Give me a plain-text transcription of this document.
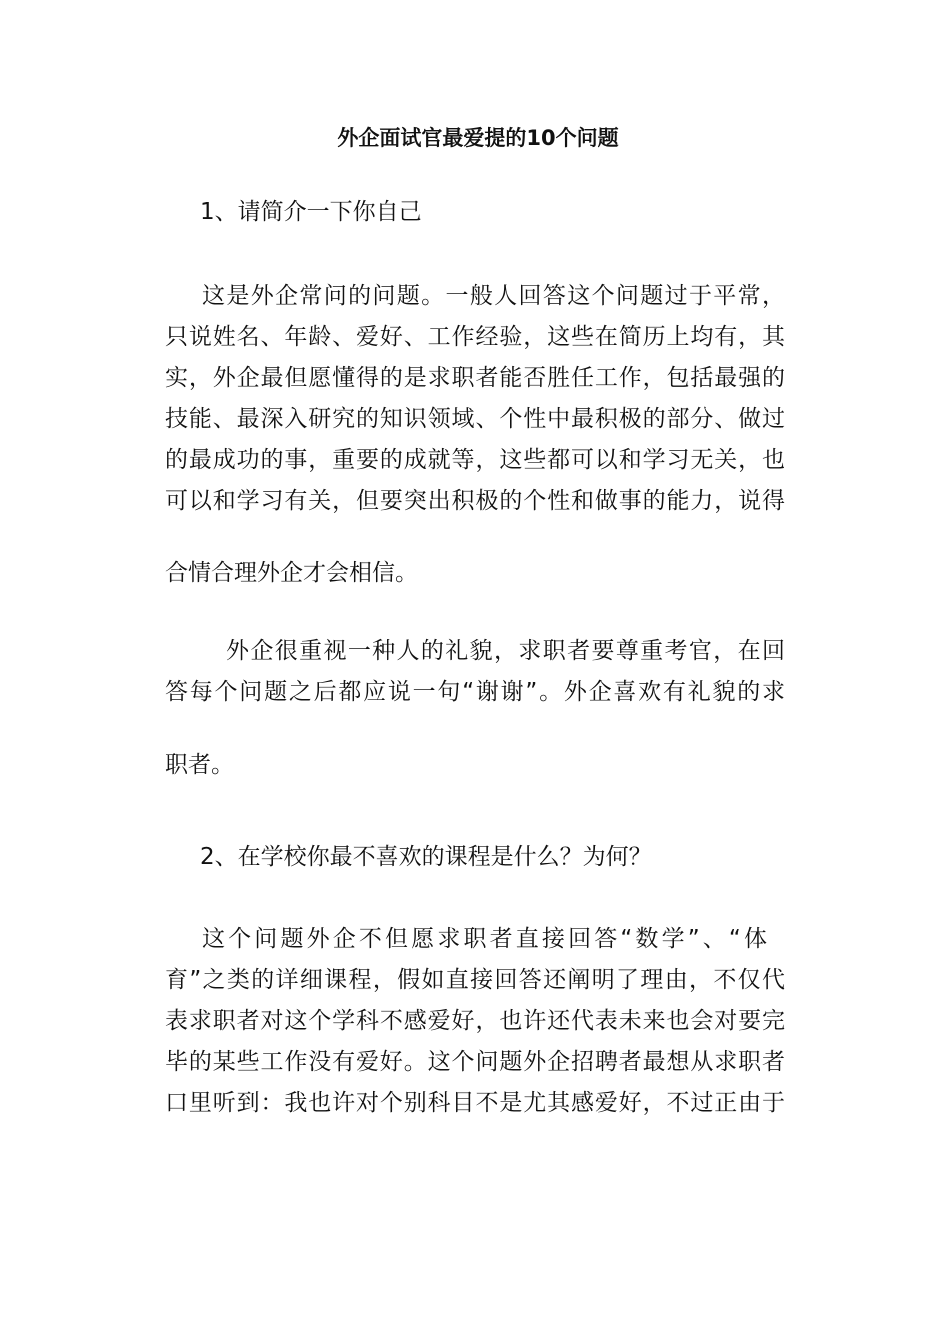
外企面试官最爱提的10个问题
1、请简介一下你自己
这是外企常问的问题。一般人回答这个问题过于平常，
只说姓名、年龄、爱好、工作经验，这些在简历上均有，其
实，外企最但愿懂得的是求职者能否胜任工作，包括最强的
技能、最深入研究的知识领域、个性中最积极的部分、做过
的最成功的事，重要的成就等，这些都可以和学习无关，也
可以和学习有关，但要突出积极的个性和做事的能力，说得
合情合理外企才会相信。
外企很重视一种人的礼貌，求职者要尊重考官，在回
答每个问题之后都应说一句“谢谢”。外企喜欢有礼貌的求
职者。
2、在学校你最不喜欢的课程是什么？为何？
这个问题外企不但愿求职者直接回答“数学”、“体
育”之类的详细课程，假如直接回答还阐明了理由，不仅代
表求职者对这个学科不感爱好，也许还代表未来也会对要完
毕的某些工作没有爱好。这个问题外企招聘者最想从求职者
口里听到：我也许对个别科目不是尤其感爱好，不过正由于
